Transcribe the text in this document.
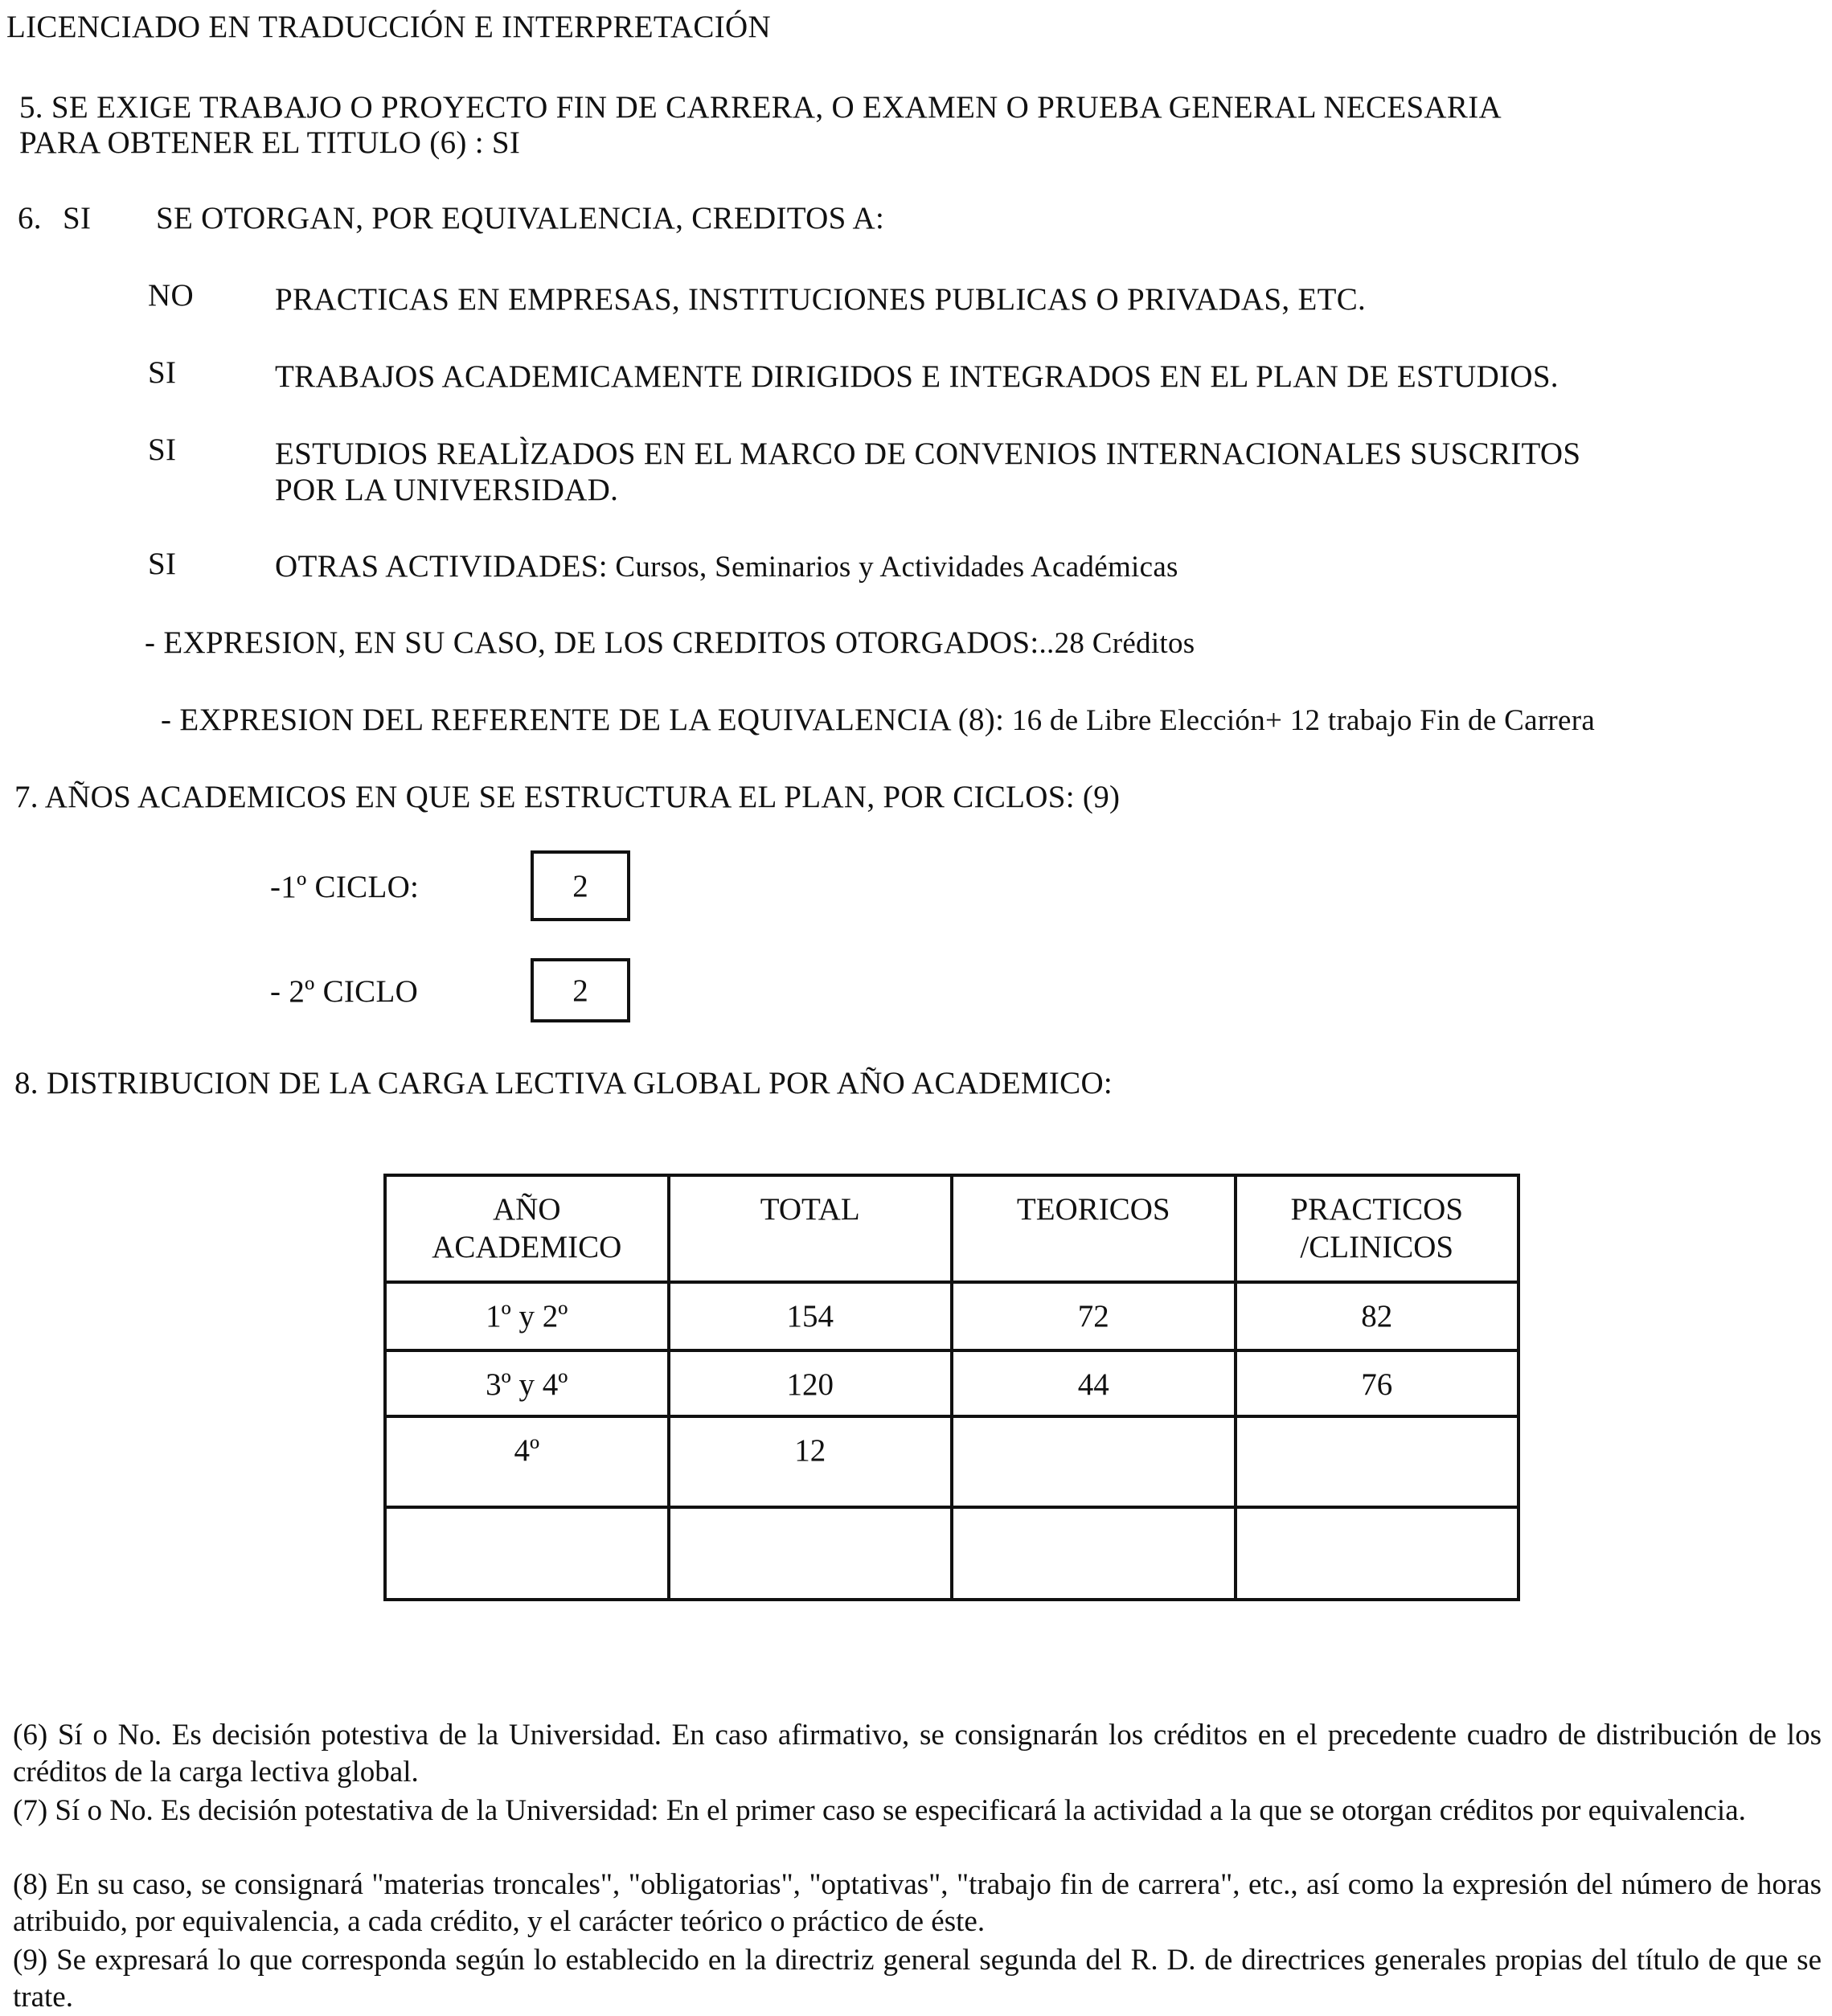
LICENCIADO EN TRADUCCIÓN E INTERPRETACIÓN
5. SE EXIGE TRABAJO O PROYECTO FIN DE CARRERA, O EXAMEN O PRUEBA GENERAL NECESARIA
PARA OBTENER EL TITULO (6) : SI
6. SI SE OTORGAN, POR EQUIVALENCIA, CREDITOS A:
NO	PRACTICAS EN EMPRESAS, INSTITUCIONES PUBLICAS O PRIVADAS, ETC.
SI	TRABAJOS ACADEMICAMENTE DIRIGIDOS E INTEGRADOS EN EL PLAN DE ESTUDIOS.
SI	ESTUDIOS REALÌZADOS EN EL MARCO DE CONVENIOS INTERNACIONALES SUSCRITOS
POR LA UNIVERSIDAD.
SI	OTRAS ACTIVIDADES: Cursos, Seminarios y Actividades Académicas
- EXPRESION, EN SU CASO, DE LOS CREDITOS OTORGADOS:..28 Créditos
- EXPRESION DEL REFERENTE DE LA EQUIVALENCIA (8): 16 de Libre Elección+ 12 trabajo Fin de Carrera
7. AÑOS ACADEMICOS EN QUE SE ESTRUCTURA EL PLAN, POR CICLOS: (9)
-1º CICLO:	2
- 2º CICLO	2
8. DISTRIBUCION DE LA CARGA LECTIVA GLOBAL POR AÑO ACADEMICO:
AÑO
ACADEMICO	TOTAL	TEORICOS	PRACTICOS
/CLINICOS
1º y 2º	154	72	82
3º y 4º	120	44	76
4º	12		

(6) Sí o No. Es decisión potestiva de la Universidad. En caso afirmativo, se consignarán los créditos en el precedente cuadro de distribución de los créditos de la carga lectiva global.
(7) Sí o No. Es decisión potestativa de la Universidad: En el primer caso se especificará la actividad a la que se otorgan créditos por equivalencia.
(8) En su caso, se consignará "materias troncales", "obligatorias", "optativas", "trabajo fin de carrera", etc., así como la expresión del número de horas atribuido, por equivalencia, a cada crédito, y el carácter teórico o práctico de éste.
(9) Se expresará lo que corresponda según lo establecido en la directriz general segunda del R. D. de directrices generales propias del título de que se trate.
